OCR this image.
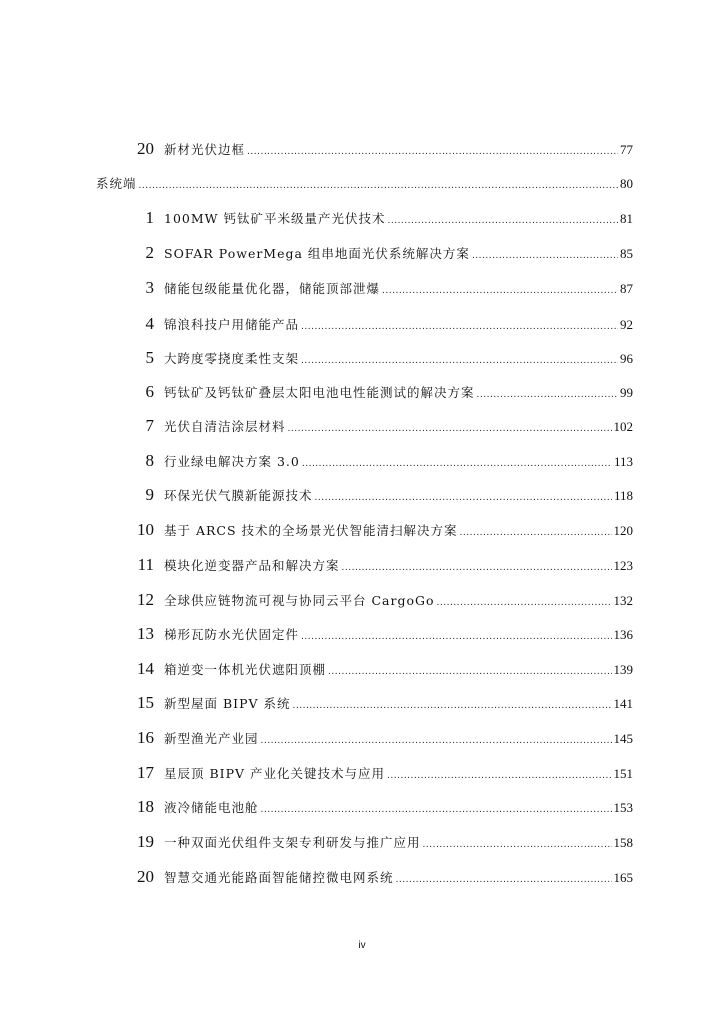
20 新材光伏边框 .....	77
系统端 .....	80
1 100MW 钙钛矿平米级量产光伏技术 .....	81
2 SOFAR PowerMega 组串地面光伏系统解决方案 .....	85
3 储能包级能量优化器，储能顶部泄爆 .....	87
4 锦浪科技户用储能产品 .....	92
5 大跨度零挠度柔性支架 .....	96
6 钙钛矿及钙钛矿叠层太阳电池电性能测试的解决方案 .....	99
7 光伏自清洁涂层材料 .....	102
8 行业绿电解决方案 3.0 .....	113
9 环保光伏气膜新能源技术 .....	118
10 基于 ARCS 技术的全场景光伏智能清扫解决方案 .....	120
11 模块化逆变器产品和解决方案 .....	123
12 全球供应链物流可视与协同云平台 CargoGo .....	132
13 梯形瓦防水光伏固定件 .....	136
14 箱逆变一体机光伏遮阳顶棚 .....	139
15 新型屋面 BIPV 系统 .....	141
16 新型渔光产业园 .....	145
17 星辰顶 BIPV 产业化关键技术与应用 .....	151
18 液冷储能电池舱 .....	153
19 一种双面光伏组件支架专利研发与推广应用 .....	158
20 智慧交通光能路面智能储控微电网系统 .....	165
iv
